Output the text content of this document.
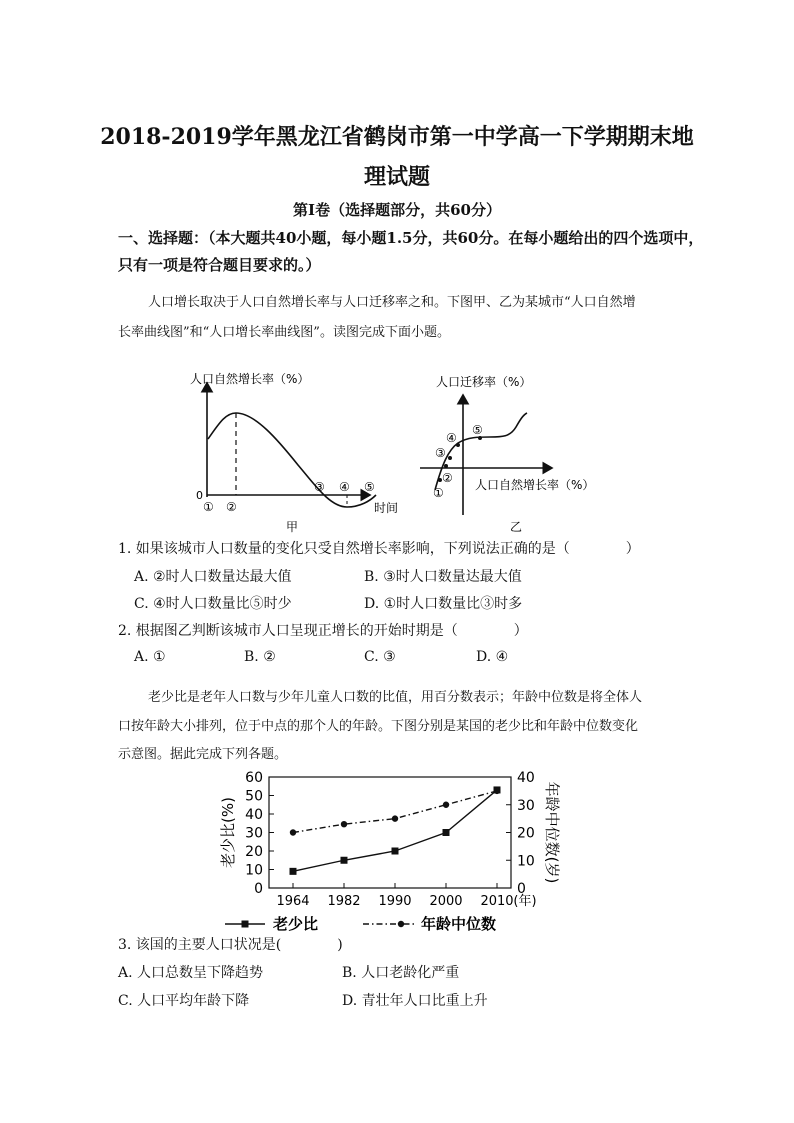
2018-2019学年黑龙江省鹤岗市第一中学高一下学期期末地
理试题
第Ⅰ卷（选择题部分，共60分）
一、选择题：（本大题共40小题，每小题1.5分，共60分。在每小题给出的四个选项中，
只有一项是符合题目要求的。）
人口增长取决于人口自然增长率与人口迁移率之和。下图甲、乙为某城市“人口自然增
长率曲线图”和“人口增长率曲线图”。读图完成下面小题。
人口自然增长率（%）
0
① ②
③ ④ ⑤
时间
甲
人口迁移率（%）
人口自然增长率（%）
①
②
③
④
⑤
乙
1. 如果该城市人口数量的变化只受自然增长率影响，下列说法正确的是（　　　　）
A. ②时人口数量达最大值	B. ③时人口数量达最大值
C. ④时人口数量比⑤时少	D. ①时人口数量比③时多
2. 根据图乙判断该城市人口呈现正增长的开始时期是（　　　　）
A. ①	B. ②	C. ③	D. ④
老少比是老年人口数与少年儿童人口数的比值，用百分数表示；年龄中位数是将全体人
口按年龄大小排列，位于中点的那个人的年龄。下图分别是某国的老少比和年龄中位数变化
示意图。据此完成下列各题。
0
10
20
30
40
50
60
0
10
20
30
40
1964 1982 1990 2000 2010 (年)
老少比(%)	年龄中位数(岁)
老少比	年龄中位数
3. 该国的主要人口状况是(　　　　)
A. 人口总数呈下降趋势	B. 人口老龄化严重
C. 人口平均年龄下降	D. 青壮年人口比重上升
